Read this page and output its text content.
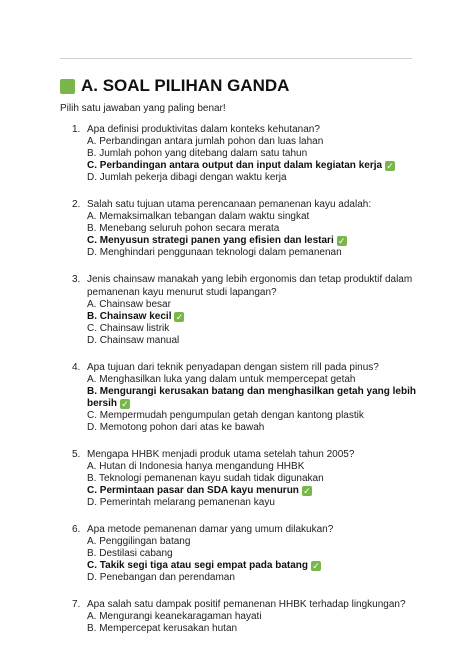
A. SOAL PILIHAN GANDA
Pilih satu jawaban yang paling benar!
1. Apa definisi produktivitas dalam konteks kehutanan?
A. Perbandingan antara jumlah pohon dan luas lahan
B. Jumlah pohon yang ditebang dalam satu tahun
C. Perbandingan antara output dan input dalam kegiatan kerja ✓
D. Jumlah pekerja dibagi dengan waktu kerja
2. Salah satu tujuan utama perencanaan pemanenan kayu adalah:
A. Memaksimalkan tebangan dalam waktu singkat
B. Menebang seluruh pohon secara merata
C. Menyusun strategi panen yang efisien dan lestari ✓
D. Menghindari penggunaan teknologi dalam pemanenan
3. Jenis chainsaw manakah yang lebih ergonomis dan tetap produktif dalam pemanenan kayu menurut studi lapangan?
A. Chainsaw besar
B. Chainsaw kecil ✓
C. Chainsaw listrik
D. Chainsaw manual
4. Apa tujuan dari teknik penyadapan dengan sistem rill pada pinus?
A. Menghasilkan luka yang dalam untuk mempercepat getah
B. Mengurangi kerusakan batang dan menghasilkan getah yang lebih bersih ✓
C. Mempermudah pengumpulan getah dengan kantong plastik
D. Memotong pohon dari atas ke bawah
5. Mengapa HHBK menjadi produk utama setelah tahun 2005?
A. Hutan di Indonesia hanya mengandung HHBK
B. Teknologi pemanenan kayu sudah tidak digunakan
C. Permintaan pasar dan SDA kayu menurun ✓
D. Pemerintah melarang pemanenan kayu
6. Apa metode pemanenan damar yang umum dilakukan?
A. Penggilingan batang
B. Destilasi cabang
C. Takik segi tiga atau segi empat pada batang ✓
D. Penebangan dan perendaman
7. Apa salah satu dampak positif pemanenan HHBK terhadap lingkungan?
A. Mengurangi keanekaragaman hayati
B. Mempercepat kerusakan hutan
